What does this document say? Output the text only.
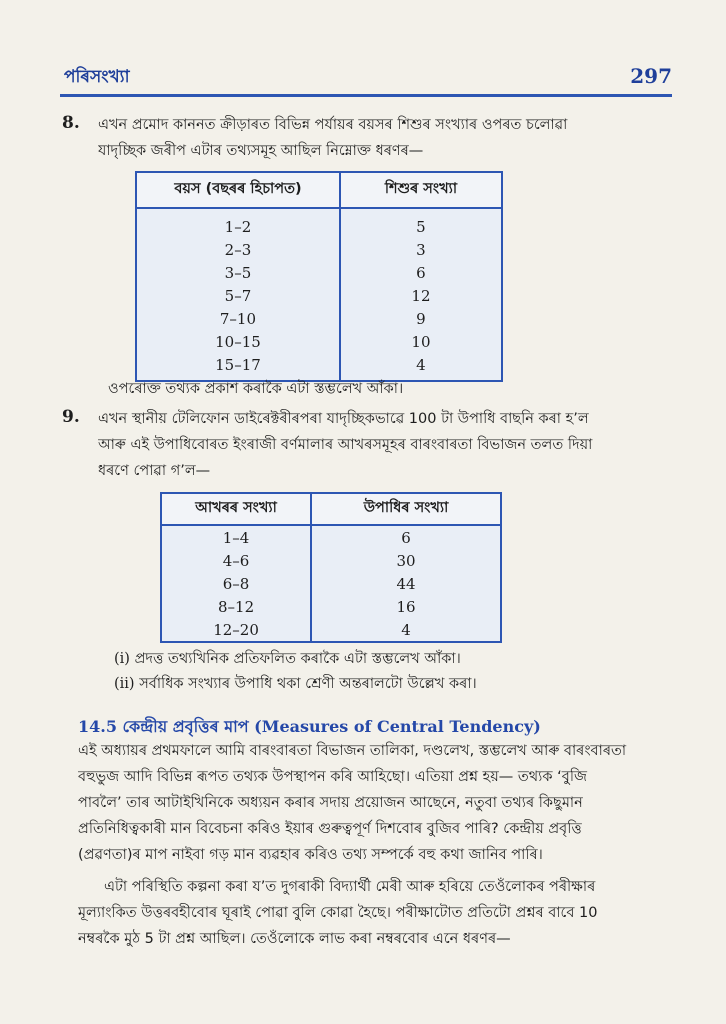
পৰিসংখ্যা	297
8. এখন প্ৰমোদ কাননত ক্ৰীড়াৰত বিভিন্ন পৰ্যায়ৰ বয়সৰ শিশুৰ সংখ্যাৰ ওপৰত চলোৱা
যাদৃচ্ছিক জৰীপ এটাৰ তথ্যসমূহ আছিল নিম্নোক্ত ধৰণৰ—
বয়স (বছৰৰ হিচাপত)	শিশুৰ সংখ্যা
1–2	5
2–3	3
3–5	6
5–7	12
7–10	9
10–15	10
15–17	4
ওপৰোক্ত তথ্যক প্ৰকাশ কৰাকৈ এটা স্তম্ভলেখ আঁকা।
9. এখন স্থানীয় টেলিফোন ডাইৰেক্টৰীৰপৰা যাদৃচ্ছিকভাৱে 100 টা উপাধি বাছনি কৰা হ’ল
আৰু এই উপাধিবোৰত ইংৰাজী বৰ্ণমালাৰ আখৰসমূহৰ বাৰংবাৰতা বিভাজন তলত দিয়া
ধৰণে পোৱা গ’ল—
আখৰৰ সংখ্যা	উপাধিৰ সংখ্যা
1–4	6
4–6	30
6–8	44
8–12	16
12–20	4
(i) প্ৰদত্ত তথ্যখিনিক প্ৰতিফলিত কৰাকৈ এটা স্তম্ভলেখ আঁকা।
(ii) সৰ্বাধিক সংখ্যাৰ উপাধি থকা শ্ৰেণী অন্তৰালটো উল্লেখ কৰা।
14.5 কেন্দ্ৰীয় প্ৰবৃত্তিৰ মাপ (Measures of Central Tendency)
এই অধ্যায়ৰ প্ৰথমফালে আমি বাৰংবাৰতা বিভাজন তালিকা, দণ্ডলেখ, স্তম্ভলেখ আৰু বাৰংবাৰতা
বহুভুজ আদি বিভিন্ন ৰূপত তথ্যক উপস্থাপন কৰি আহিছো। এতিয়া প্ৰশ্ন হয়— তথ্যক ‘বুজি
পাবলৈ’ তাৰ আটাইখিনিকে অধ্যয়ন কৰাৰ সদায় প্ৰয়োজন আছেনে, নতুবা তথ্যৰ কিছুমান
প্ৰতিনিধিত্বকাৰী মান বিবেচনা কৰিও ইয়াৰ গুৰুত্বপূৰ্ণ দিশবোৰ বুজিব পাৰি? কেন্দ্ৰীয় প্ৰবৃত্তি
(প্ৰৱণতা)ৰ মাপ নাইবা গড় মান ব্যৱহাৰ কৰিও তথ্য সম্পৰ্কে বহু কথা জানিব পাৰি।
এটা পৰিস্থিতি কল্পনা কৰা য’ত দুগৰাকী বিদ্যাৰ্থী মেৰী আৰু হৰিয়ে তেওঁলোকৰ পৰীক্ষাৰ
মূল্যাংকিত উত্তৰবহীবোৰ ঘূৰাই পোৱা বুলি কোৱা হৈছে। পৰীক্ষাটোত প্ৰতিটো প্ৰশ্নৰ বাবে 10
নম্বৰকৈ মুঠ 5 টা প্ৰশ্ন আছিল। তেওঁলোকে লাভ কৰা নম্বৰবোৰ এনে ধৰণৰ—
